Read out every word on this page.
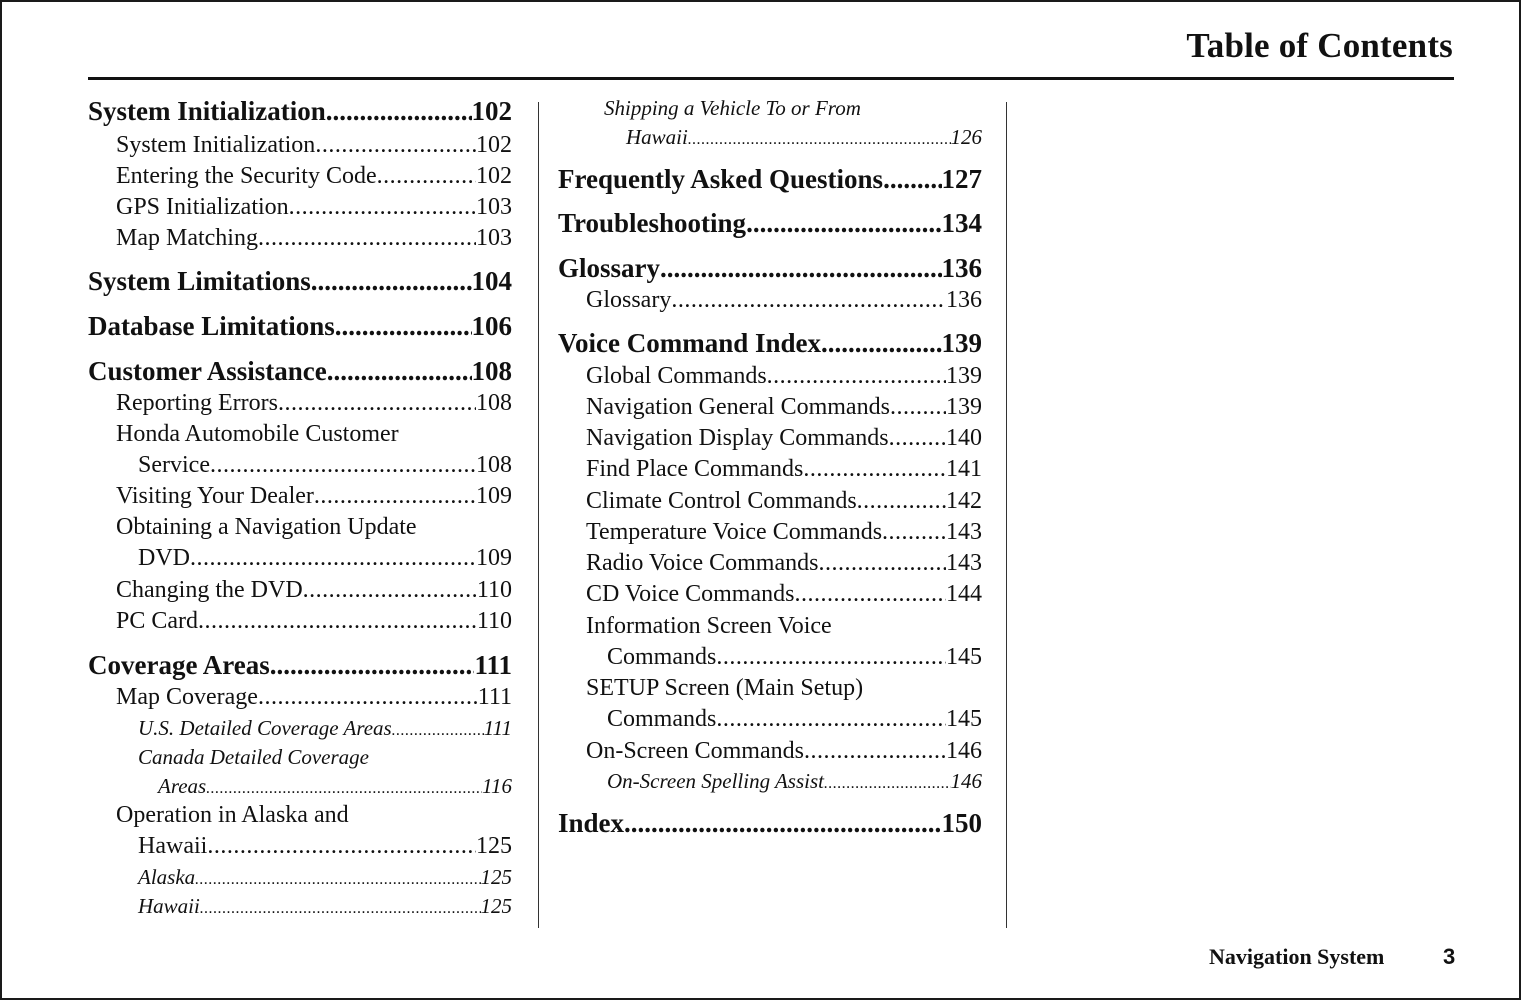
Table of Contents
System Initialization .....	102
System Initialization .....	102
Entering the Security Code .....	102
GPS Initialization .....	103
Map Matching .....	103
System Limitations .....	104
Database Limitations .....	106
Customer Assistance .....	108
Reporting Errors .....	108
Honda Automobile Customer
Service .....	108
Visiting Your Dealer .....	109
Obtaining a Navigation Update
DVD .....	109
Changing the DVD .....	110
PC Card .....	110
Coverage Areas .....	111
Map Coverage .....	111
U.S. Detailed Coverage Areas .....	111
Canada Detailed Coverage
Areas .....	116
Operation in Alaska and
Hawaii .....	125
Alaska .....	125
Hawaii .....	125
Shipping a Vehicle To or From
Hawaii .....	126
Frequently Asked Questions ..... 127
Troubleshooting .....	134
Glossary .....	136
Glossary .....	136
Voice Command Index .....	139
Global Commands .....	139
Navigation General Commands ..... 139
Navigation Display Commands ..... 140
Find Place Commands .....	141
Climate Control Commands .....	142
Temperature Voice Commands .....	143
Radio Voice Commands .....	143
CD Voice Commands .....	144
Information Screen Voice
Commands .....	145
SETUP Screen (Main Setup)
Commands .....	145
On-Screen Commands .....	146
On-Screen Spelling Assist .....	146
Index .....	150
Navigation System	3
